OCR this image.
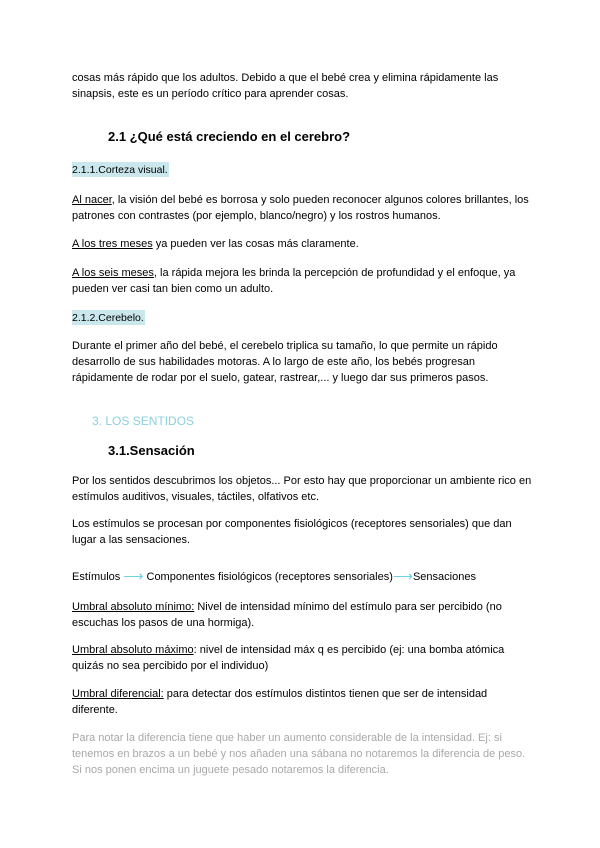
cosas más rápido que los adultos. Debido a que el bebé crea y elimina rápidamente las sinapsis, este es un período crítico para aprender cosas.
2.1 ¿Qué está creciendo en el cerebro?
2.1.1.Corteza visual.
Al nacer, la visión del bebé es borrosa y solo pueden reconocer algunos colores brillantes, los patrones con contrastes (por ejemplo, blanco/negro) y los rostros humanos.
A los tres meses ya pueden ver las cosas más claramente.
A los seis meses, la rápida mejora les brinda la percepción de profundidad y el enfoque, ya pueden ver casi tan bien como un adulto.
2.1.2.Cerebelo.
Durante el primer año del bebé, el cerebelo triplica su tamaño, lo que permite un rápido desarrollo de sus habilidades motoras. A lo largo de este año, los bebés progresan rápidamente de rodar por el suelo, gatear, rastrear,... y luego dar sus primeros pasos.
3. LOS SENTIDOS
3.1.Sensación
Por los sentidos descubrimos los objetos... Por esto hay que proporcionar un ambiente rico en estímulos auditivos, visuales, táctiles, olfativos etc.
Los estímulos se procesan por componentes fisiológicos (receptores sensoriales) que dan lugar a las sensaciones.
Estímulos ⟶ Componentes fisiológicos (receptores sensoriales)⟶Sensaciones
Umbral absoluto mínimo: Nivel de intensidad mínimo del estímulo para ser percibido (no escuchas los pasos de una hormiga).
Umbral absoluto máximo: nivel de intensidad máx q es percibido (ej: una bomba atómica quizás no sea percibido por el individuo)
Umbral diferencial: para detectar dos estímulos distintos tienen que ser de intensidad diferente.
Para notar la diferencia tiene que haber un aumento considerable de la intensidad. Ej: si tenemos en brazos a un bebé y nos añaden una sábana no notaremos la diferencia de peso. Si nos ponen encima un juguete pesado notaremos la diferencia.
